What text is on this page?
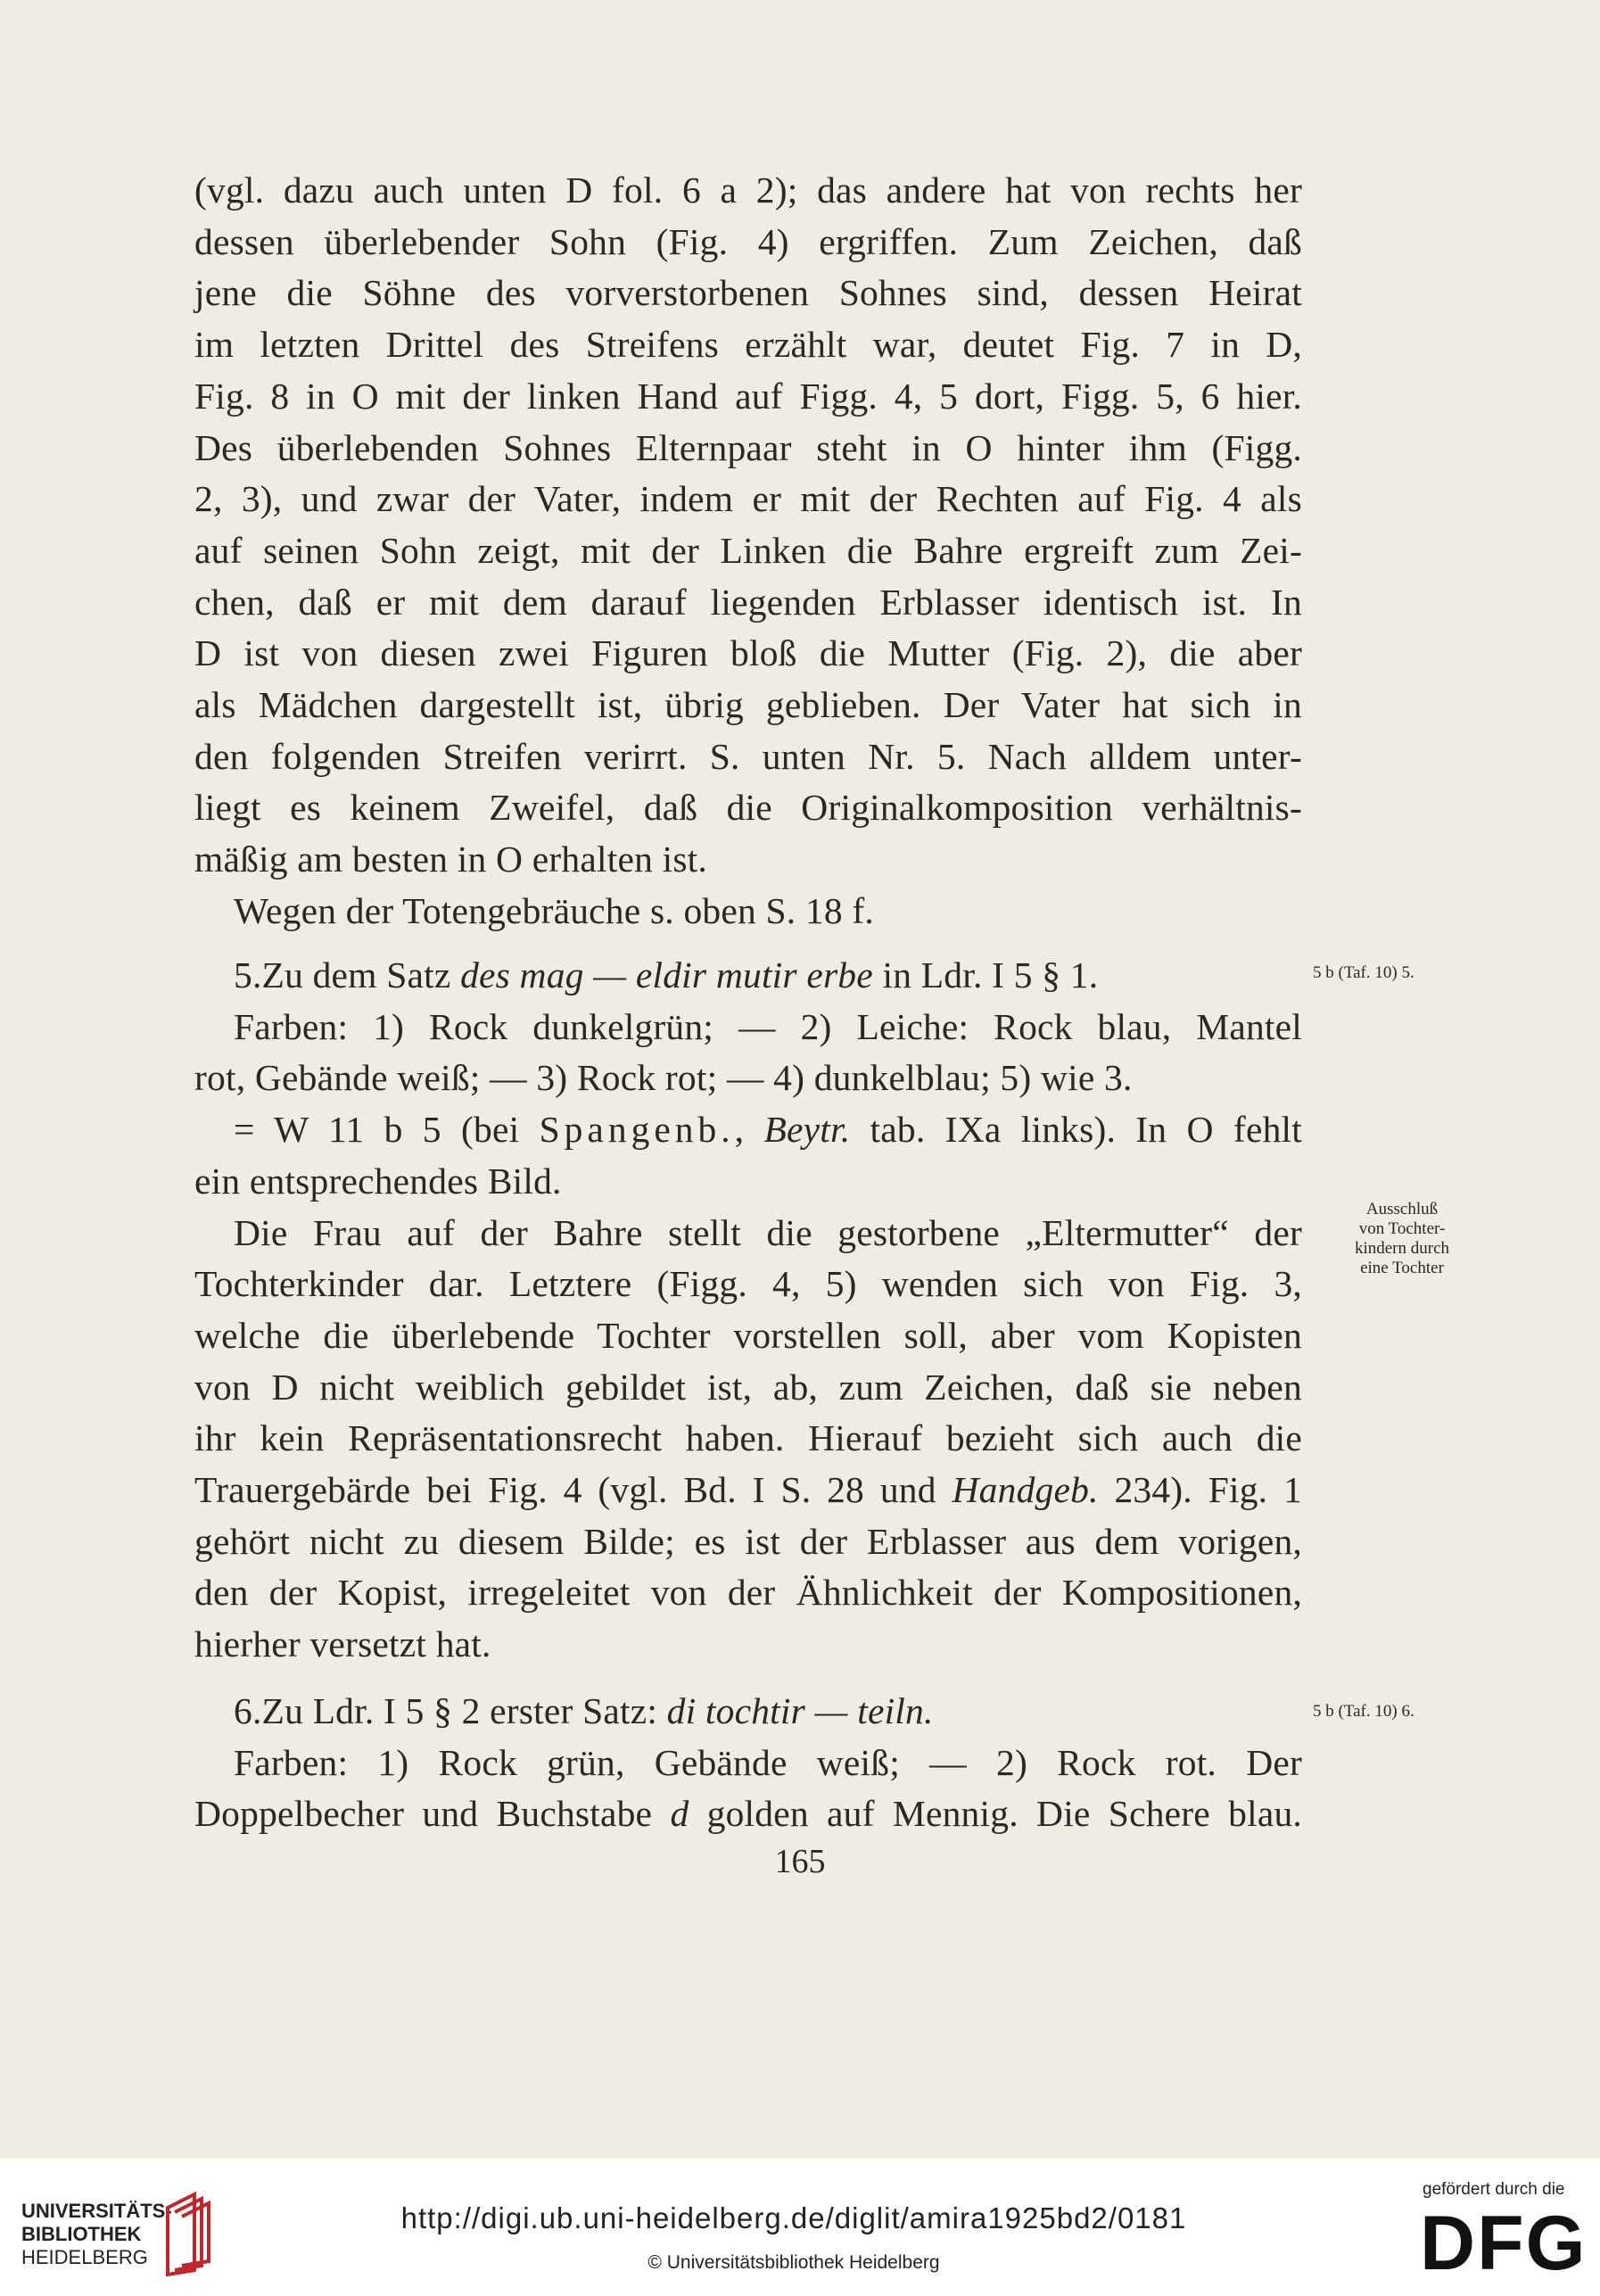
(vgl. dazu auch unten D fol. 6 a 2); das andere hat von rechts her
dessen überlebender Sohn (Fig. 4) ergriffen. Zum Zeichen, daß
jene die Söhne des vorverstorbenen Sohnes sind, dessen Heirat
im letzten Drittel des Streifens erzählt war, deutet Fig. 7 in D,
Fig. 8 in O mit der linken Hand auf Figg. 4, 5 dort, Figg. 5, 6 hier.
Des überlebenden Sohnes Elternpaar steht in O hinter ihm (Figg.
2, 3), und zwar der Vater, indem er mit der Rechten auf Fig. 4 als
auf seinen Sohn zeigt, mit der Linken die Bahre ergreift zum Zei-
chen, daß er mit dem darauf liegenden Erblasser identisch ist. In
D ist von diesen zwei Figuren bloß die Mutter (Fig. 2), die aber
als Mädchen dargestellt ist, übrig geblieben. Der Vater hat sich in
den folgenden Streifen verirrt. S. unten Nr. 5. Nach alldem unter-
liegt es keinem Zweifel, daß die Originalkomposition verhältnis-
mäßig am besten in O erhalten ist.
Wegen der Totengebräuche s. oben S. 18 f.
5.Zu dem Satz des mag — eldir mutir erbe in Ldr. I 5 § 1.
Farben: 1) Rock dunkelgrün; — 2) Leiche: Rock blau, Mantel
rot, Gebände weiß; — 3) Rock rot; — 4) dunkelblau; 5) wie 3.
= W 11 b 5 (bei Spangenb., Beytr. tab. IXa links). In O fehlt
ein entsprechendes Bild.
Die Frau auf der Bahre stellt die gestorbene „Eltermutter“ der
Tochterkinder dar. Letztere (Figg. 4, 5) wenden sich von Fig. 3,
welche die überlebende Tochter vorstellen soll, aber vom Kopisten
von D nicht weiblich gebildet ist, ab, zum Zeichen, daß sie neben
ihr kein Repräsentationsrecht haben. Hierauf bezieht sich auch die
Trauergebärde bei Fig. 4 (vgl. Bd. I S. 28 und Handgeb. 234). Fig. 1
gehört nicht zu diesem Bilde; es ist der Erblasser aus dem vorigen,
den der Kopist, irregeleitet von der Ähnlichkeit der Kompositionen,
hierher versetzt hat.
6.Zu Ldr. I 5 § 2 erster Satz: di tochtir — teiln.
Farben: 1) Rock grün, Gebände weiß; — 2) Rock rot. Der
Doppelbecher und Buchstabe d golden auf Mennig. Die Schere blau.
5 b (Taf. 10) 5.
Ausschluß
von Tochter-
kindern durch
eine Tochter
5 b (Taf. 10) 6.
165
UNIVERSITÄTS-
BIBLIOTHEK
HEIDELBERG
http://digi.ub.uni-heidelberg.de/diglit/amira1925bd2/0181
© Universitätsbibliothek Heidelberg
gefördert durch die
DFG
